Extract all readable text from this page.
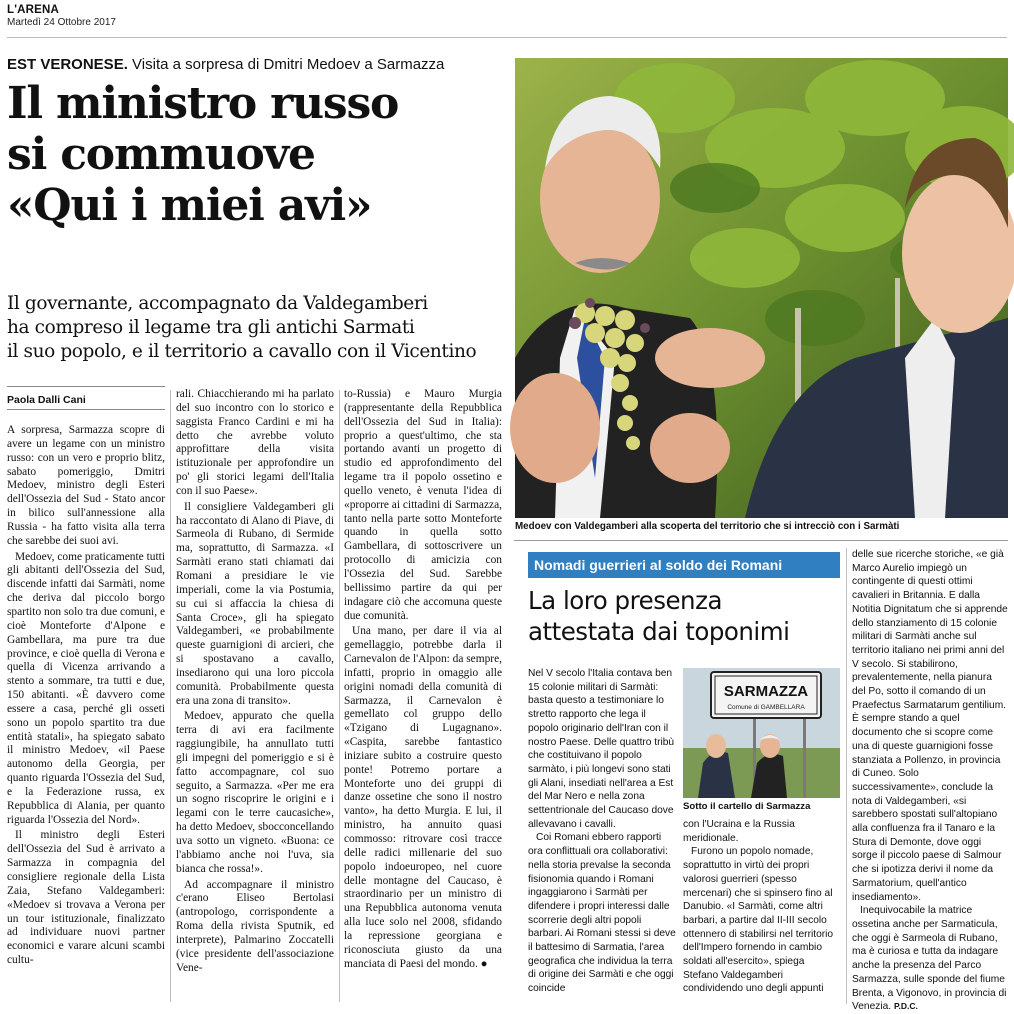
L'ARENA
Martedì 24 Ottobre 2017
EST VERONESE. Visita a sorpresa di Dmitri Medoev a Sarmazza
Il ministro russo
si commuove
«Qui i miei avi»
Il governante, accompagnato da Valdegamberi
ha compreso il legame tra gli antichi Sarmati
il suo popolo, e il territorio a cavallo con il Vicentino
Paola Dalli Cani

A sorpresa, Sarmazza scopre di avere un legame con un ministro russo: con un vero e proprio blitz, sabato pomeriggio, Dmitri Medoev, ministro degli Esteri dell'Ossezia del Sud - Stato ancor in bilico sull'annessione alla Russia - ha fatto visita alla terra che sarebbe dei suoi avi.

Medoev, come praticamente tutti gli abitanti dell'Ossezia del Sud, discende infatti dai Sarmàti, nome che deriva dal piccolo borgo spartito non solo tra due comuni, e cioè Monteforte d'Alpone e Gambellara, ma pure tra due province, e cioè quella di Verona e quella di Vicenza arrivando a stento a sommare, tra tutti e due, 150 abitanti. «È davvero come essere a casa, perché gli osseti sono un popolo spartito tra due entità statali», ha spiegato sabato il ministro Medoev, «il Paese autonomo della Georgia, per quanto riguarda l'Ossezia del Sud, e la Federazione russa, ex Repubblica di Alania, per quanto riguarda l'Ossezia del Nord».

Il ministro degli Esteri dell'Ossezia del Sud è arrivato a Sarmazza in compagnia del consigliere regionale della Lista Zaia, Stefano Valdegamberi: «Medoev si trovava a Verona per un tour istituzionale, finalizzato ad individuare nuovi partner economici e varare alcuni scambi cultu-

rali. Chiacchierando mi ha parlato del suo incontro con lo storico e saggista Franco Cardini e mi ha detto che avrebbe voluto approfittare della visita istituzionale per approfondire un po' gli storici legami dell'Italia con il suo Paese».

Il consigliere Valdegamberi gli ha raccontato di Alano di Piave, di Sarmeola di Rubano, di Sermide ma, soprattutto, di Sarmazza. «I Sarmàti erano stati chiamati dai Romani a presidiare le vie imperiali, come la via Postumia, su cui si affaccia la chiesa di Santa Croce», gli ha spiegato Valdegamberi, «e probabilmente queste guarnigioni di arcieri, che si spostavano a cavallo, insediarono qui una loro piccola comunità. Probabilmente questa era una zona di transito».

Medoev, appurato che quella terra di avi era facilmente raggiungibile, ha annullato tutti gli impegni del pomeriggio e si è fatto accompagnare, col suo seguito, a Sarmazza. «Per me era un sogno riscoprire le origini e i legami con le terre caucasiche», ha detto Medoev, sbocconcellando uva sotto un vigneto. «Buona: ce l'abbiamo anche noi l'uva, sia bianca che rossa!».

Ad accompagnare il ministro c'erano Eliseo Bertolasi (antropologo, corrispondente a Roma della rivista Sputnik, ed interprete), Palmarino Zoccatelli (vice presidente dell'associazione Vene-

to-Russia) e Mauro Murgia (rappresentante della Repubblica dell'Ossezia del Sud in Italia): proprio a quest'ultimo, che sta portando avanti un progetto di studio ed approfondimento del legame tra il popolo ossetino e quello veneto, è venuta l'idea di «proporre ai cittadini di Sarmazza, tanto nella parte sotto Monteforte quando in quella sotto Gambellara, di sottoscrivere un protocollo di amicizia con l'Ossezia del Sud. Sarebbe bellissimo partire da qui per indagare ciò che accomuna queste due comunità.

Una mano, per dare il via al gemellaggio, potrebbe darla il Carnevalon de l'Alpon: da sempre, infatti, proprio in omaggio alle origini nomadi della comunità di Sarmazza, il Carnevalon è gemellato col gruppo dello «Tzigano di Lugagnano». «Caspita, sarebbe fantastico iniziare subito a costruire questo ponte! Potremo portare a Monteforte uno dei gruppi di danze ossetine che sono il nostro vanto», ha detto Murgia. E lui, il ministro, ha annuito quasi commosso: ritrovare così tracce delle radici millenarie del suo popolo indoeuropeo, nel cuore delle montagne del Caucaso, è straordinario per un ministro di una Repubblica autonoma venuta alla luce solo nel 2008, sfidando la repressione georgiana e riconosciuta giusto da una manciata di Paesi del mondo. ●

Medoev con Valdegamberi alla scoperta del territorio che si intrecciò con i Sarmàti
Nomadi guerrieri al soldo dei Romani
La loro presenza
attestata dai toponimi

Nel V secolo l'Italia contava ben 15 colonie militari di Sarmàti: basta questo a testimoniare lo stretto rapporto che lega il popolo originario dell'Iran con il nostro Paese. Delle quattro tribù che costituivano il popolo sarmàto, i più longevi sono stati gli Alani, insediati nell'area a Est del Mar Nero e nella zona settentrionale del Caucaso dove allevavano i cavalli.

Coi Romani ebbero rapporti ora conflittuali ora collaborativi: nella storia prevalse la seconda fisionomia quando i Romani ingaggiarono i Sarmàti per difendere i propri interessi dalle scorrerie degli altri popoli barbari. Ai Romani stessi si deve il battesimo di Sarmatia, l'area geografica che individua la terra di origine dei Sarmàti e che oggi coincide

SARMAZZA
Comune di GAMBELLARA
Sotto il cartello di Sarmazza

con l'Ucraina e la Russia meridionale.

Furono un popolo nomade, soprattutto in virtù dei propri valorosi guerrieri (spesso mercenari) che si spinsero fino al Danubio. «I Sarmàti, come altri barbari, a partire dal II-III secolo ottennero di stabilirsi nel territorio dell'Impero fornendo in cambio soldati all'esercito», spiega Stefano Valdegamberi condividendo uno degli appunti

delle sue ricerche storiche, «e già Marco Aurelio impiegò un contingente di questi ottimi cavalieri in Britannia. E dalla Notitia Dignitatum che si apprende dello stanziamento di 15 colonie militari di Sarmàti anche sul territorio italiano nei primi anni del V secolo. Si stabilirono, prevalentemente, nella pianura del Po, sotto il comando di un Praefectus Sarmatarum gentilium. È sempre stando a quel documento che si scopre come una di queste guarnigioni fosse stanziata a Pollenzo, in provincia di Cuneo. Solo successivamente», conclude la nota di Valdegamberi, «si sarebbero spostati sull'altopiano alla confluenza fra il Tanaro e la Stura di Demonte, dove oggi sorge il piccolo paese di Salmour che si ipotizza derivi il nome da Sarmatorium, quell'antico insediamento».

Inequivocabile la matrice ossetina anche per Sarmaticula, che oggi è Sarmeola di Rubano, ma è curiosa e tutta da indagare anche la presenza del Parco Sarmazza, sulle sponde del fiume Brenta, a Vigonovo, in provincia di Venezia. P.D.C.
